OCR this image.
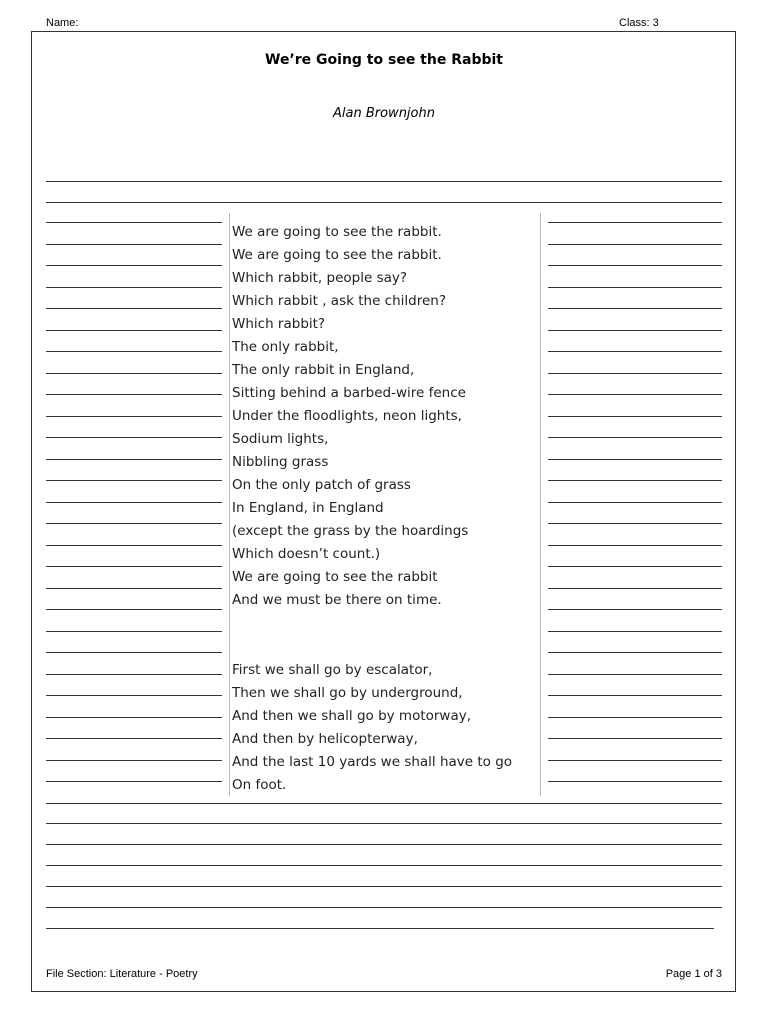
Name:	Class: 3
We’re Going to see the Rabbit
Alan Brownjohn
We are going to see the rabbit.
We are going to see the rabbit.
Which rabbit, people say?
Which rabbit , ask the children?
Which rabbit?
The only rabbit,
The only rabbit in England,
Sitting behind a barbed-wire fence
Under the floodlights, neon lights,
Sodium lights,
Nibbling grass
On the only patch of grass
In England, in England
(except the grass by the hoardings
Which doesn’t count.)
We are going to see the rabbit
And we must be there on time.
First we shall go by escalator,
Then we shall go by underground,
And then we shall go by motorway,
And then by helicopterway,
And the last 10 yards we shall have to go
On foot.
File Section: Literature - Poetry	Page 1 of 3
